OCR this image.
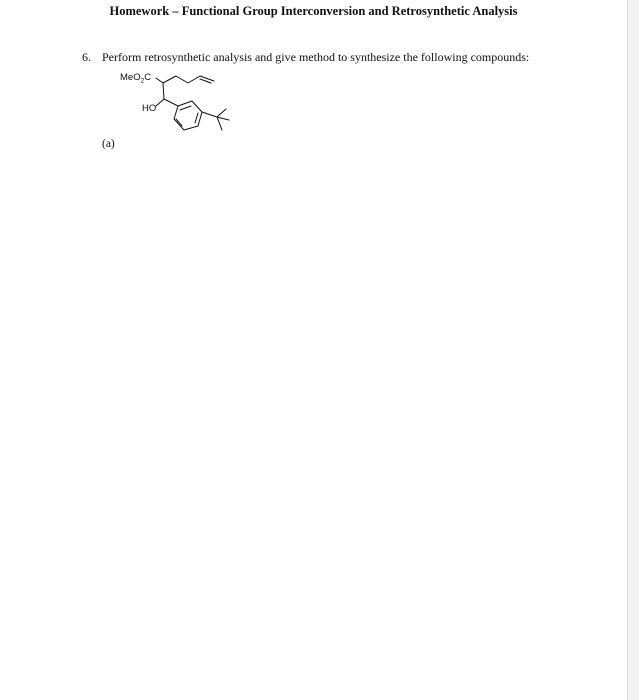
Homework – Functional Group Interconversion and Retrosynthetic Analysis
6. Perform retrosynthetic analysis and give method to synthesize the following compounds:
MeO$_2$C
HO
(a)
